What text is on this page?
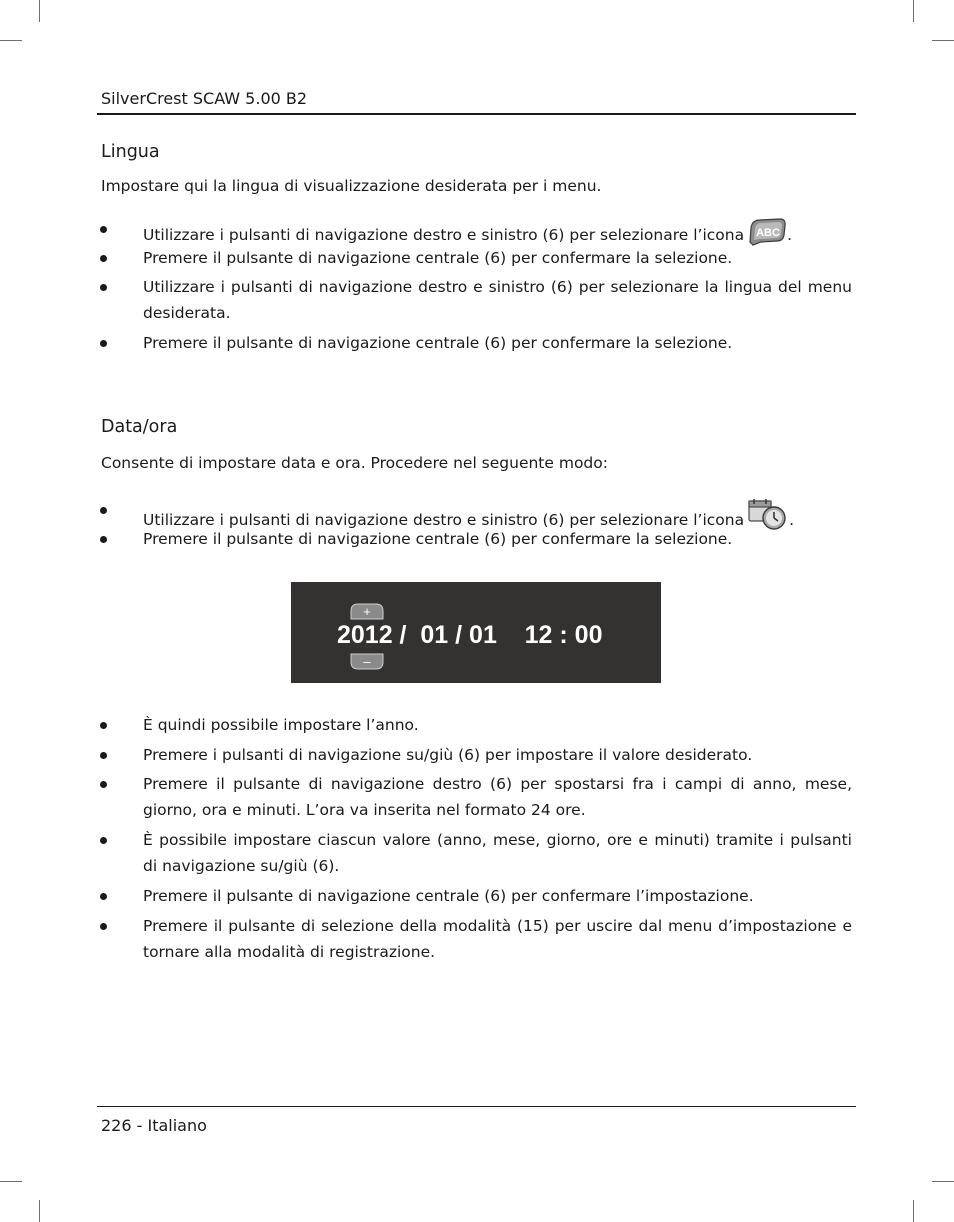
SilverCrest SCAW 5.00 B2
Lingua
Impostare qui la lingua di visualizzazione desiderata per i menu.
Utilizzare i pulsanti di navigazione destro e sinistro (6) per selezionare l’icona ABC .
Premere il pulsante di navigazione centrale (6) per confermare la selezione.
Utilizzare i pulsanti di navigazione destro e sinistro (6) per selezionare la lingua del menu desiderata.
Premere il pulsante di navigazione centrale (6) per confermare la selezione.
Data/ora
Consente di impostare data e ora. Procedere nel seguente modo:
Utilizzare i pulsanti di navigazione destro e sinistro (6) per selezionare l’icona	.
Premere il pulsante di navigazione centrale (6) per confermare la selezione.
+
2012 /  01 / 01    12 : 00
–
È quindi possibile impostare l’anno.
Premere i pulsanti di navigazione su/giù (6) per impostare il valore desiderato.
Premere il pulsante di navigazione destro (6) per spostarsi fra i campi di anno, mese, giorno, ora e minuti. L’ora va inserita nel formato 24 ore.
È possibile impostare ciascun valore (anno, mese, giorno, ore e minuti) tramite i pulsanti di navigazione su/giù (6).
Premere il pulsante di navigazione centrale (6) per confermare l’impostazione.
Premere il pulsante di selezione della modalità (15) per uscire dal menu d’impostazione e tornare alla modalità di registrazione.
226 - Italiano
